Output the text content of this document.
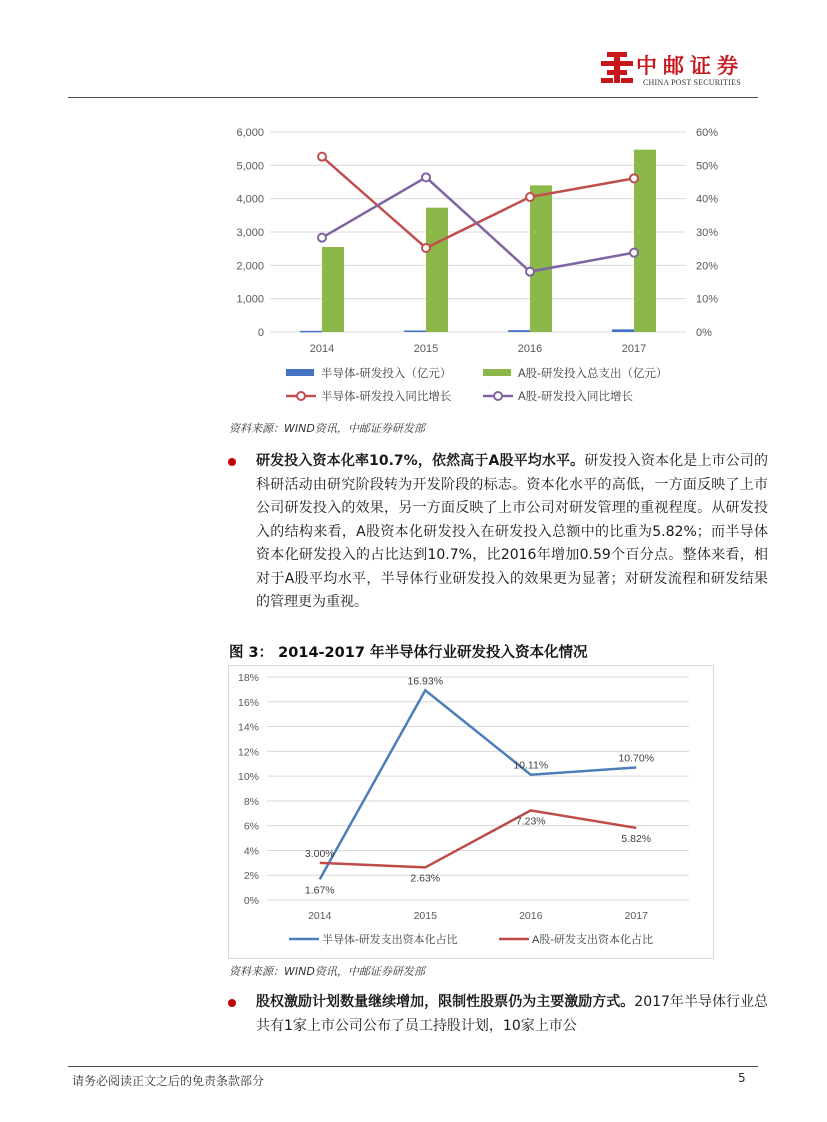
中邮证券
CHINA POST SECURITIES
0
1,000
2,000
3,000
4,000
5,000
6,000
0%
10%
20%
30%
40%
50%
60%
2014	2015	2016	2017
半导体-研发投入（亿元）	A股-研发投入总支出（亿元）
半导体-研发投入同比增长	A股-研发投入同比增长
资料来源：WIND资讯，中邮证券研发部
研发投入资本化率10.7%，依然高于A股平均水平。研发投入资本化是上市公司的科研活动由研究阶段转为开发阶段的标志。资本化水平的高低，一方面反映了上市公司研发投入的效果，另一方面反映了上市公司对研发管理的重视程度。从研发投入的结构来看，A股资本化研发投入在研发投入总额中的比重为5.82%；而半导体资本化研发投入的占比达到10.7%，比2016年增加0.59个百分点。整体来看，相对于A股平均水平，半导体行业研发投入的效果更为显著；对研发流程和研发结果的管理更为重视。
图 3： 2014-2017 年半导体行业研发投入资本化情况
0%
2%
4%
6%
8%
10%
12%
14%
16%
18%
2014	2015	2016	2017
1.67%
16.93%
10.11%
10.70%
3.00%
2.63%
7.23%
5.82%
半导体-研发支出资本化占比	A股-研发支出资本化占比
资料来源：WIND资讯，中邮证券研发部
股权激励计划数量继续增加，限制性股票仍为主要激励方式。2017年半导体行业总共有1家上市公司公布了员工持股计划，10家上市公
请务必阅读正文之后的免责条款部分	5
